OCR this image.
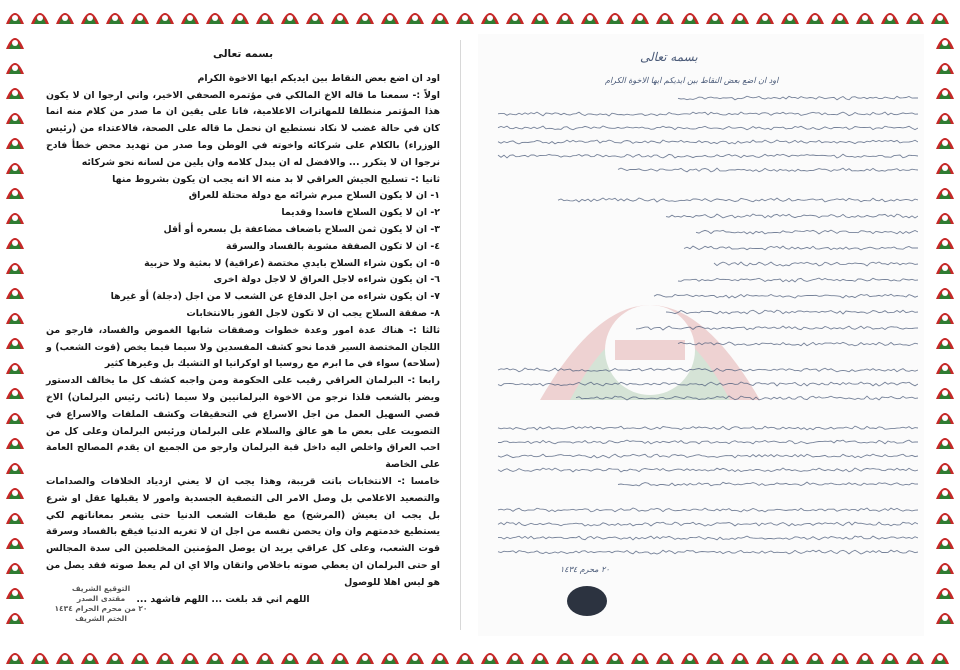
بسمه تعالى

اود ان اضع بعض النقاط بين ايديكم ايها الاخوة الكرام

اولاً :- سمعنا ما قاله الاخ المالكي في مؤتمره الصحفي الاخير، واني ارجوا ان لا يكون هذا المؤتمر منطلقا للمهاترات الاعلامية، فانا على يقين ان ما صدر من كلام منه انما كان في حالة غضب لا نكاد نستطيع ان نحمل ما قاله على الصحة، فالاعتداء من (رئيس الوزراء) بالكلام على شركائه واخوته في الوطن وما صدر من تهديد محض خطأ فادح نرجوا ان لا يتكرر ... والافضل له ان يبدل كلامه وان يلين من لسانه نحو شركائه

ثانيا :- تسليح الجيش العراقي لا بد منه الا انه يجب ان يكون بشروط منها

١- ان لا يكون السلاح مبرم شرائه مع دولة محتلة للعراق

٢- ان لا يكون السلاح فاسدا وقديما

٣- ان لا يكون ثمن السلاح باضعاف مضاعفة بل بسعره أو أقل

٤- ان لا تكون الصفقة مشوبة بالفساد والسرقة

٥- ان يكون شراء السلاح بايدي مختصة (عراقية) لا بعثية ولا حزبية

٦- ان يكون شراءه لاجل العراق لا لاجل دولة اخرى

٧- ان يكون شراءه من اجل الدفاع عن الشعب لا من اجل (دجلة) أو غيرها

٨- صفقة السلاح يجب ان لا تكون لاجل الفوز بالانتخابات

ثالثا :- هناك عدة امور وعدة خطوات وصفقات شابها الغموض والفساد، فارجو من اللجان المختصة السير قدما نحو كشف المفسدين ولا سيما فيما يخص (قوت الشعب) و (سلاحه) سواء في ما ابرم مع روسيا او اوكرانيا او التشيك بل وغيرها كثير

رابعا :- البرلمان العراقي رقيب على الحكومة ومن واجبه كشف كل ما يخالف الدستور ويضر بالشعب فلذا نرجو من الاخوة البرلمانيين ولا سيما (نائب رئيس البرلمان) الاخ قصي السهيل العمل من اجل الاسراع في التحقيقات وكشف الملفات والاسراع في التصويت على بعض ما هو عالق والسلام على البرلمان ورئيس البرلمان وعلى كل من احب العراق واخلص اليه داخل قبة البرلمان وارجو من الجميع ان يقدم المصالح العامة على الخاصة

خامسا :- الانتخابات باتت قريبة، وهذا يجب ان لا يعني ازدياد الخلافات والصدامات والتصعيد الاعلامي بل وصل الامر الى التصفية الجسدية وامور لا يقبلها عقل او شرع بل يجب ان يعيش (المرشح) مع طبقات الشعب الدنيا حتى يشعر بمعاناتهم لكي يستطيع خدمتهم وان وان يحصن نفسه من اجل ان لا تغريه الدنيا فيقع بالفساد وسرقة قوت الشعب، وعلى كل عراقي يريد ان يوصل المؤمنين المخلصين الى سدة المجالس او حتى البرلمان ان يعطي صوته باخلاص واتقان والا اي ان لم يعط صوته فقد يصل من هو ليس اهلا للوصول

اللهم اني قد بلغت ... اللهم فاشهد ...

التوقيع الشريف
مقتدى الصدر
٢٠ من محرم الحرام ١٤٣٤
الختم الشريف
بسمه تعالى
اود ان اضع بعض النقاط بين ايديكم ايها الاخوة الكرام
٢٠ محرم ١٤٣٤
